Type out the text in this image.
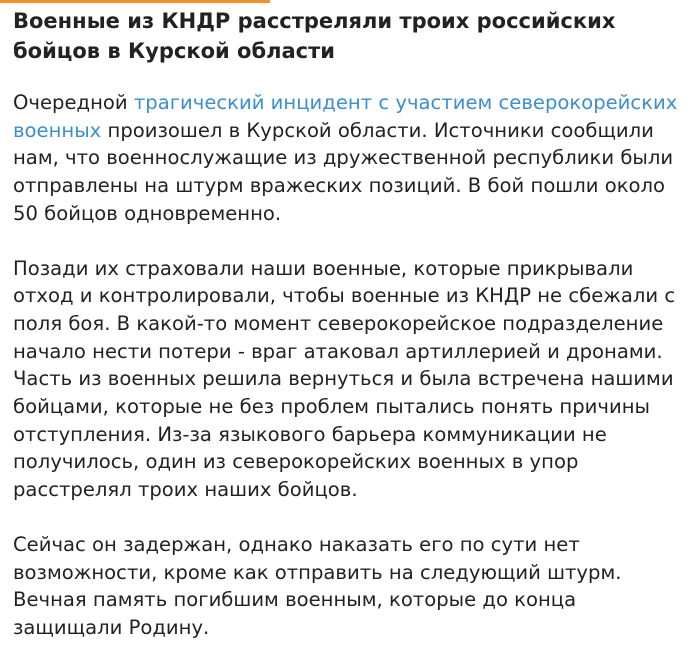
Военные из КНДР расстреляли троих российских бойцов в Курской области

Очередной трагический инцидент с участием северокорейских военных произошел в Курской области. Источники сообщили нам, что военнослужащие из дружественной республики были отправлены на штурм вражеских позиций. В бой пошли около 50 бойцов одновременно.

Позади их страховали наши военные, которые прикрывали отход и контролировали, чтобы военные из КНДР не сбежали с поля боя. В какой-то момент северокорейское подразделение начало нести потери - враг атаковал артиллерией и дронами. Часть из военных решила вернуться и была встречена нашими бойцами, которые не без проблем пытались понять причины отступления. Из-за языкового барьера коммуникации не получилось, один из северокорейских военных в упор расстрелял троих наших бойцов.

Сейчас он задержан, однако наказать его по сути нет возможности, кроме как отправить на следующий штурм. Вечная память погибшим военным, которые до конца защищали Родину.
